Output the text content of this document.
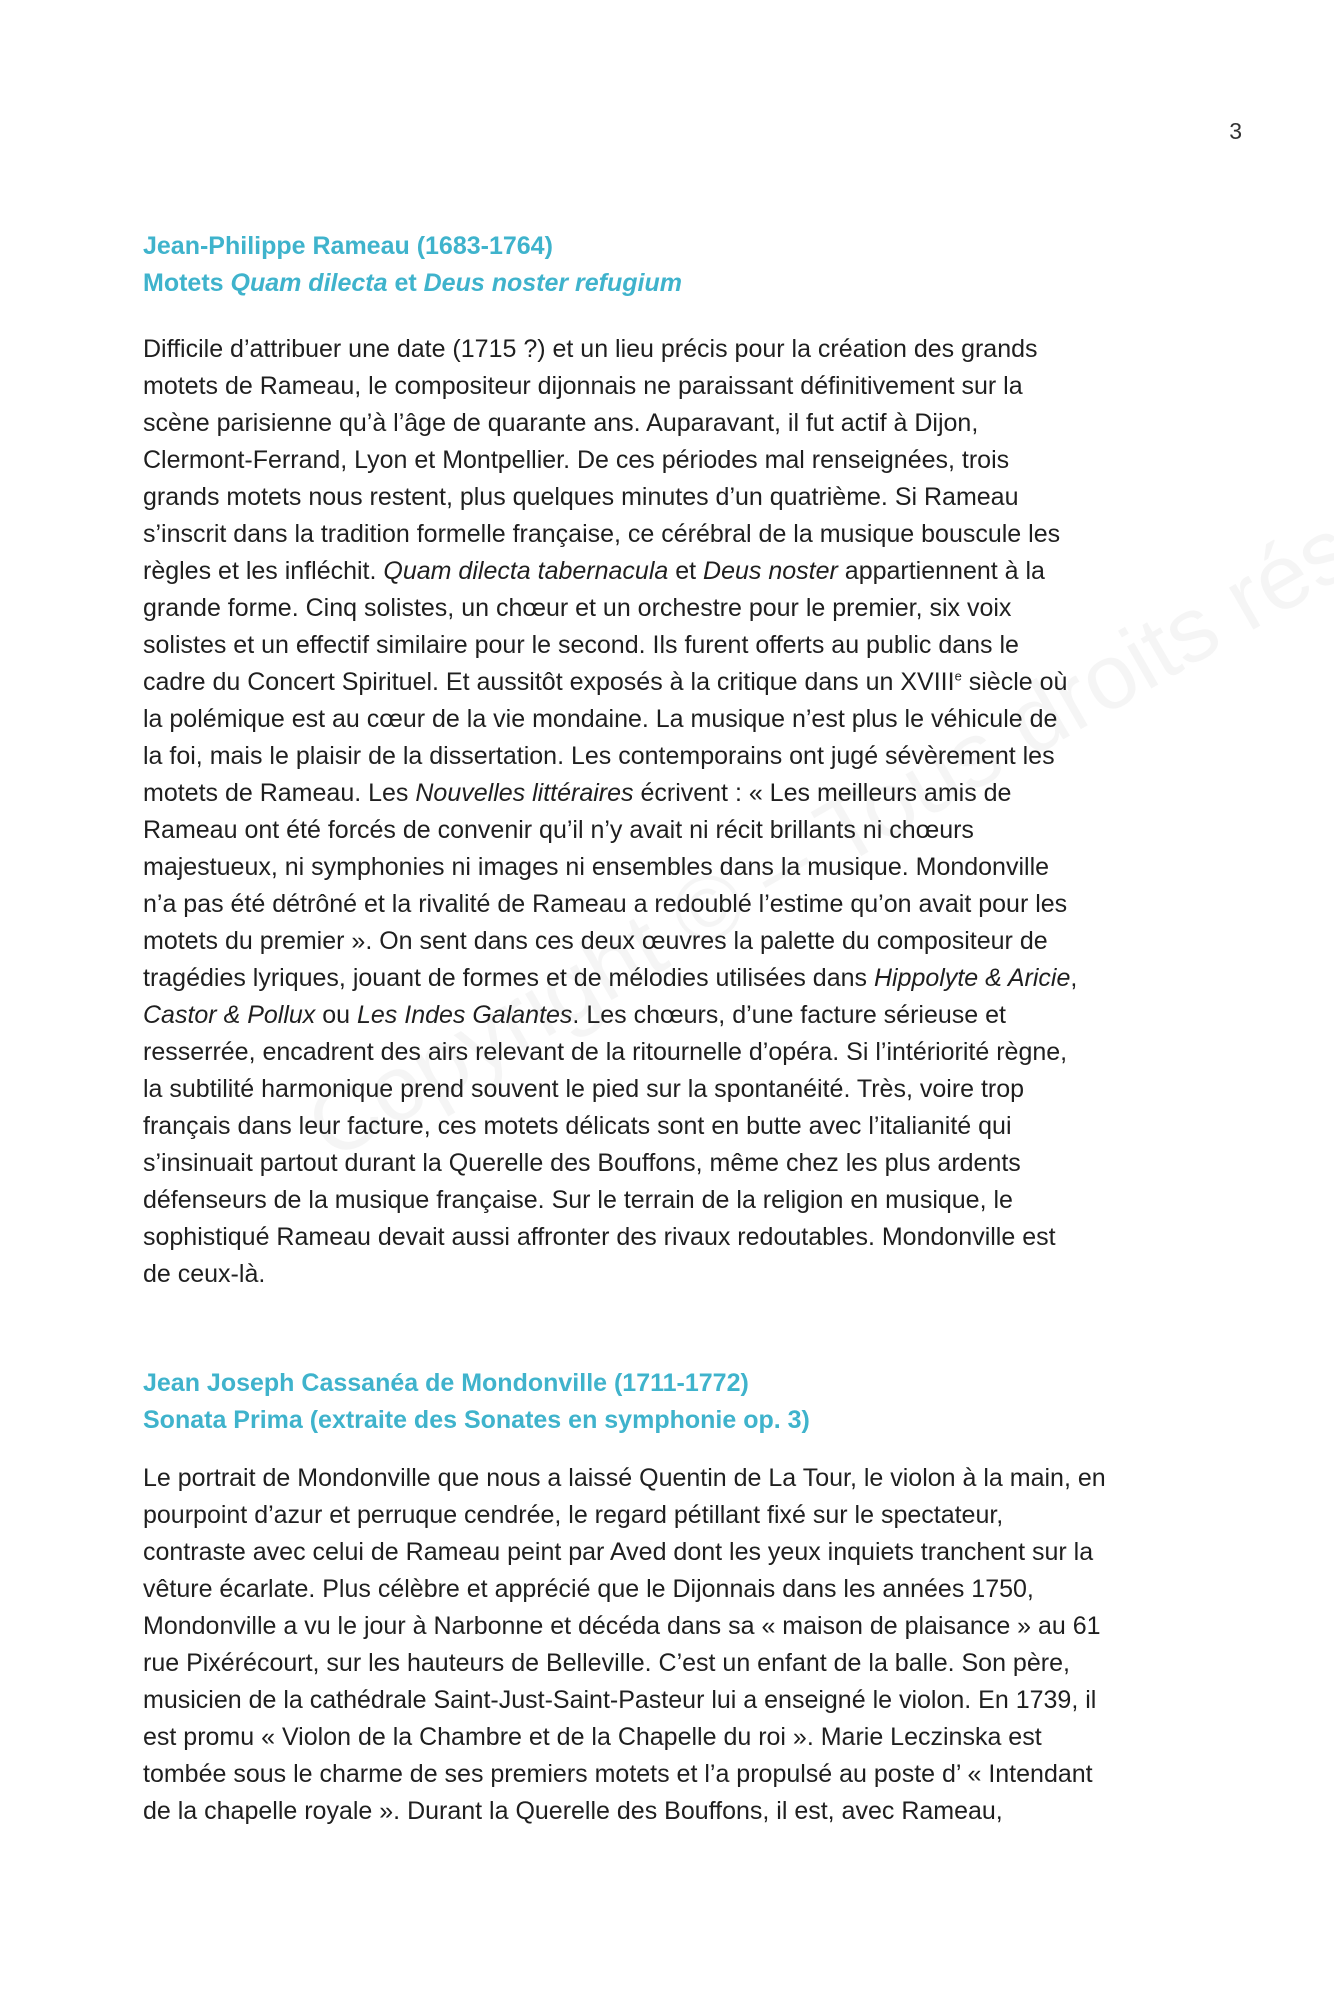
3
Jean-Philippe Rameau (1683-1764)
Motets Quam dilecta et Deus noster refugium

Difficile d’attribuer une date (1715 ?) et un lieu précis pour la création des grands
motets de Rameau, le compositeur dijonnais ne paraissant définitivement sur la
scène parisienne qu’à l’âge de quarante ans. Auparavant, il fut actif à Dijon,
Clermont-Ferrand, Lyon et Montpellier. De ces périodes mal renseignées, trois
grands motets nous restent, plus quelques minutes d’un quatrième. Si Rameau
s’inscrit dans la tradition formelle française, ce cérébral de la musique bouscule les
règles et les infléchit. Quam dilecta tabernacula et Deus noster appartiennent à la
grande forme. Cinq solistes, un chœur et un orchestre pour le premier, six voix
solistes et un effectif similaire pour le second. Ils furent offerts au public dans le
cadre du Concert Spirituel. Et aussitôt exposés à la critique dans un XVIIIe siècle où
la polémique est au cœur de la vie mondaine. La musique n’est plus le véhicule de
la foi, mais le plaisir de la dissertation. Les contemporains ont jugé sévèrement les
motets de Rameau. Les Nouvelles littéraires écrivent : « Les meilleurs amis de
Rameau ont été forcés de convenir qu’il n’y avait ni récit brillants ni chœurs
majestueux, ni symphonies ni images ni ensembles dans la musique. Mondonville
n’a pas été détrôné et la rivalité de Rameau a redoublé l’estime qu’on avait pour les
motets du premier ». On sent dans ces deux œuvres la palette du compositeur de
tragédies lyriques, jouant de formes et de mélodies utilisées dans Hippolyte & Aricie,
Castor & Pollux ou Les Indes Galantes. Les chœurs, d’une facture sérieuse et
resserrée, encadrent des airs relevant de la ritournelle d’opéra. Si l’intériorité règne,
la subtilité harmonique prend souvent le pied sur la spontanéité. Très, voire trop
français dans leur facture, ces motets délicats sont en butte avec l’italianité qui
s’insinuait partout durant la Querelle des Bouffons, même chez les plus ardents
défenseurs de la musique française. Sur le terrain de la religion en musique, le
sophistiqué Rameau devait aussi affronter des rivaux redoutables. Mondonville est
de ceux-là.

Jean Joseph Cassanéa de Mondonville (1711-1772)
Sonata Prima (extraite des Sonates en symphonie op. 3)

Le portrait de Mondonville que nous a laissé Quentin de La Tour, le violon à la main, en
pourpoint d’azur et perruque cendrée, le regard pétillant fixé sur le spectateur,
contraste avec celui de Rameau peint par Aved dont les yeux inquiets tranchent sur la
vêture écarlate. Plus célèbre et apprécié que le Dijonnais dans les années 1750,
Mondonville a vu le jour à Narbonne et décéda dans sa « maison de plaisance » au 61
rue Pixérécourt, sur les hauteurs de Belleville. C’est un enfant de la balle. Son père,
musicien de la cathédrale Saint-Just-Saint-Pasteur lui a enseigné le violon. En 1739, il
est promu « Violon de la Chambre et de la Chapelle du roi ». Marie Leczinska est
tombée sous le charme de ses premiers motets et l’a propulsé au poste d’ « Intendant
de la chapelle royale ». Durant la Querelle des Bouffons, il est, avec Rameau,
